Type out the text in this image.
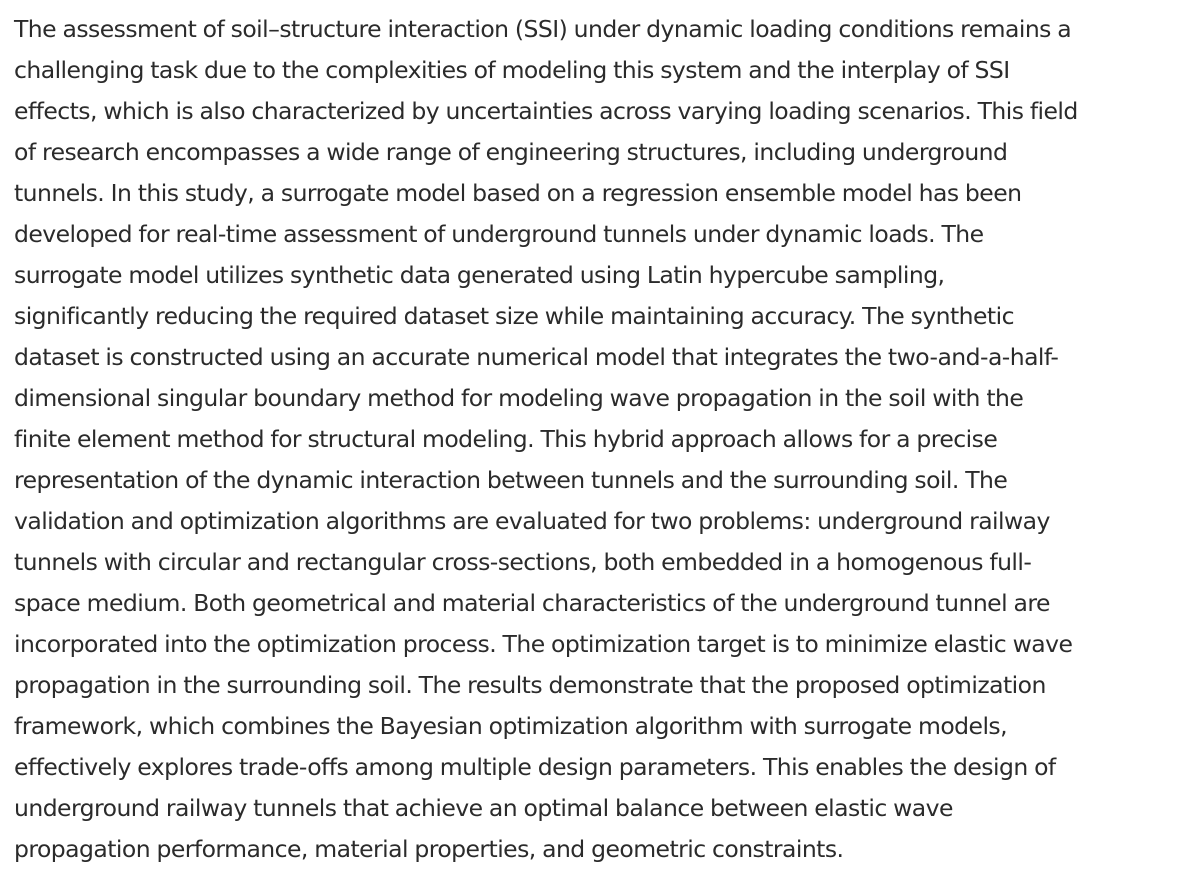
The assessment of soil–structure interaction (SSI) under dynamic loading conditions remains a
challenging task due to the complexities of modeling this system and the interplay of SSI
effects, which is also characterized by uncertainties across varying loading scenarios. This field
of research encompasses a wide range of engineering structures, including underground
tunnels. In this study, a surrogate model based on a regression ensemble model has been
developed for real-time assessment of underground tunnels under dynamic loads. The
surrogate model utilizes synthetic data generated using Latin hypercube sampling,
significantly reducing the required dataset size while maintaining accuracy. The synthetic
dataset is constructed using an accurate numerical model that integrates the two-and-a-half-
dimensional singular boundary method for modeling wave propagation in the soil with the
finite element method for structural modeling. This hybrid approach allows for a precise
representation of the dynamic interaction between tunnels and the surrounding soil. The
validation and optimization algorithms are evaluated for two problems: underground railway
tunnels with circular and rectangular cross-sections, both embedded in a homogenous full-
space medium. Both geometrical and material characteristics of the underground tunnel are
incorporated into the optimization process. The optimization target is to minimize elastic wave
propagation in the surrounding soil. The results demonstrate that the proposed optimization
framework, which combines the Bayesian optimization algorithm with surrogate models,
effectively explores trade-offs among multiple design parameters. This enables the design of
underground railway tunnels that achieve an optimal balance between elastic wave
propagation performance, material properties, and geometric constraints.
